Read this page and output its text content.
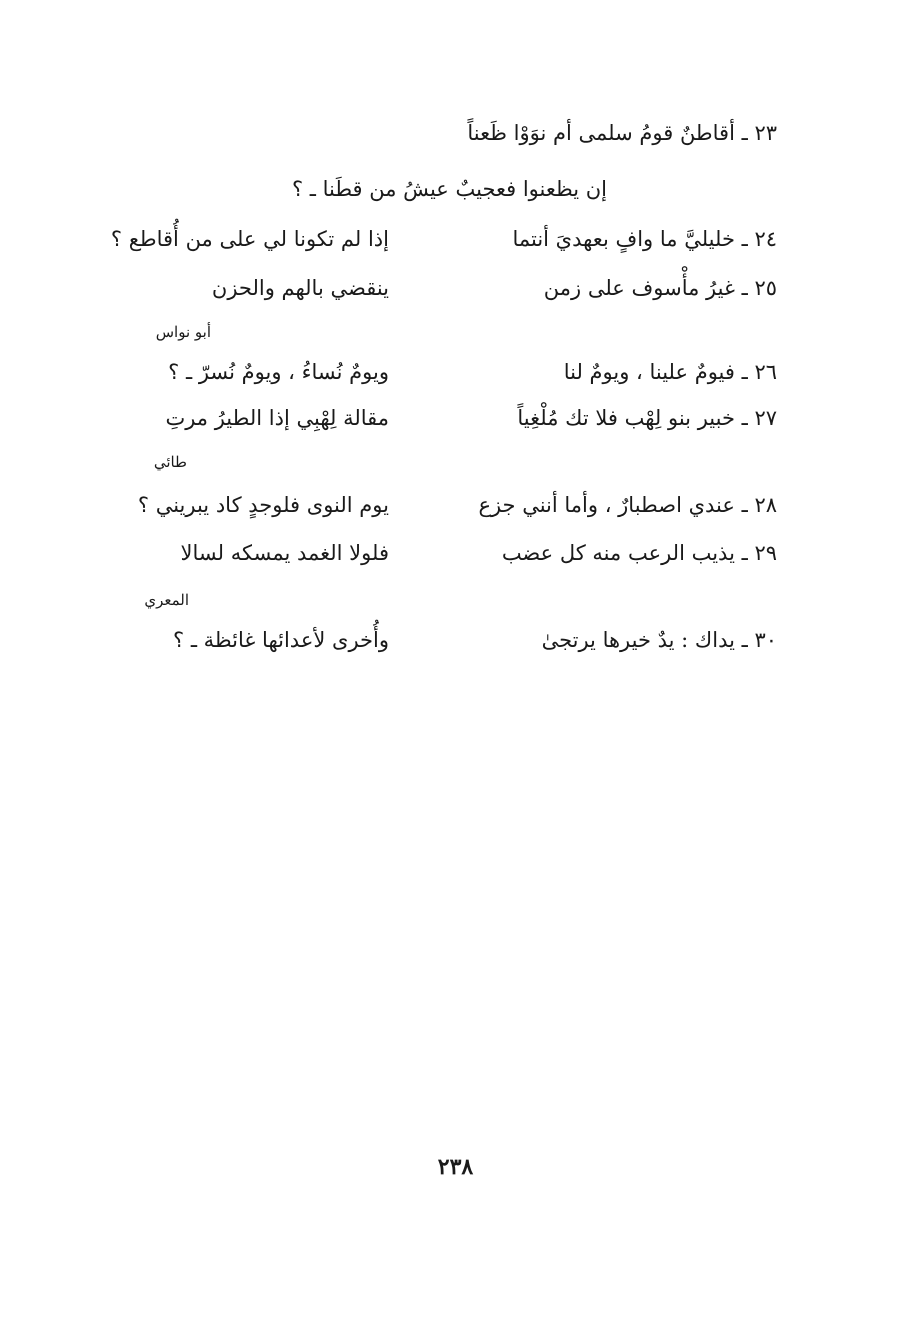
٢٣ ـ أقاطنٌ قومُ سلمى أم نوَوْا ظَعناً
إن يظعنوا فعجيبٌ عيشُ من قطَنا ـ ؟
٢٤ ـ خليليَّ ما وافٍ بعهديَ أنتما
إذا لم تكونا لي على من أُقاطع ؟
٢٥ ـ غيرُ مأْسوف على زمن
ينقضي بالهم والحزن
أبو نواس
٢٦ ـ فيومٌ علينا ، ويومٌ لنا
ويومٌ نُساءُ ، ويومٌ نُسرّ ـ ؟
٢٧ ـ خبير بنو لِهْب فلا تك مُلْغِياً
مقالة لِهْبِي إذا الطيرُ مرتِ
طائي
٢٨ ـ عندي اصطبارٌ ، وأما أنني جزع
يوم النوى فلوجدٍ كاد يبريني ؟
٢٩ ـ يذيب الرعب منه كل عضب
فلولا الغمد يمسكه لسالا
المعري
٣٠ ـ يداك : يدٌ خيرها يرتجىٰ
وأُخرى لأعدائها غائظة ـ ؟
٢٣٨
